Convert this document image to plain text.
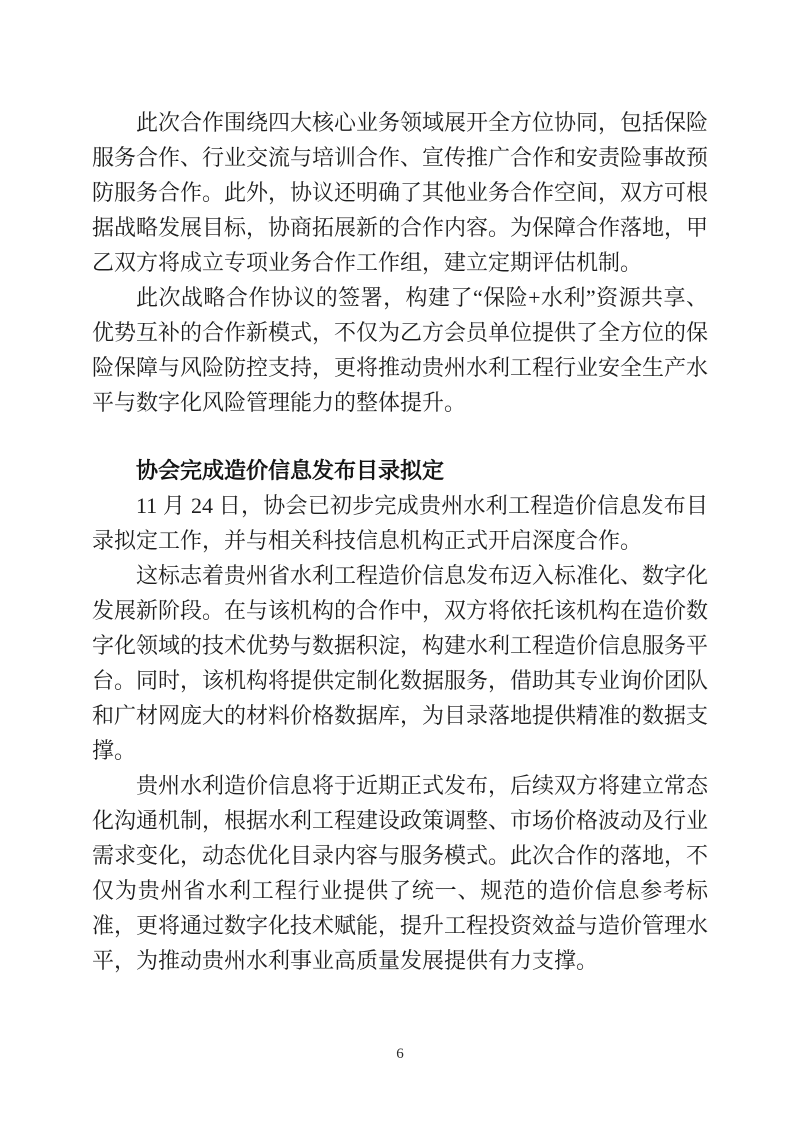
此次合作围绕四大核心业务领域展开全方位协同，包括保险服务合作、行业交流与培训合作、宣传推广合作和安责险事故预防服务合作。此外，协议还明确了其他业务合作空间，双方可根据战略发展目标，协商拓展新的合作内容。为保障合作落地，甲乙双方将成立专项业务合作工作组，建立定期评估机制。

此次战略合作协议的签署，构建了“保险+水利”资源共享、优势互补的合作新模式，不仅为乙方会员单位提供了全方位的保险保障与风险防控支持，更将推动贵州水利工程行业安全生产水平与数字化风险管理能力的整体提升。

协会完成造价信息发布目录拟定

11 月 24 日，协会已初步完成贵州水利工程造价信息发布目录拟定工作，并与相关科技信息机构正式开启深度合作。

这标志着贵州省水利工程造价信息发布迈入标准化、数字化发展新阶段。在与该机构的合作中，双方将依托该机构在造价数字化领域的技术优势与数据积淀，构建水利工程造价信息服务平台。同时，该机构将提供定制化数据服务，借助其专业询价团队和广材网庞大的材料价格数据库，为目录落地提供精准的数据支撑。

贵州水利造价信息将于近期正式发布，后续双方将建立常态化沟通机制，根据水利工程建设政策调整、市场价格波动及行业需求变化，动态优化目录内容与服务模式。此次合作的落地，不仅为贵州省水利工程行业提供了统一、规范的造价信息参考标准，更将通过数字化技术赋能，提升工程投资效益与造价管理水平，为推动贵州水利事业高质量发展提供有力支撑。

6
